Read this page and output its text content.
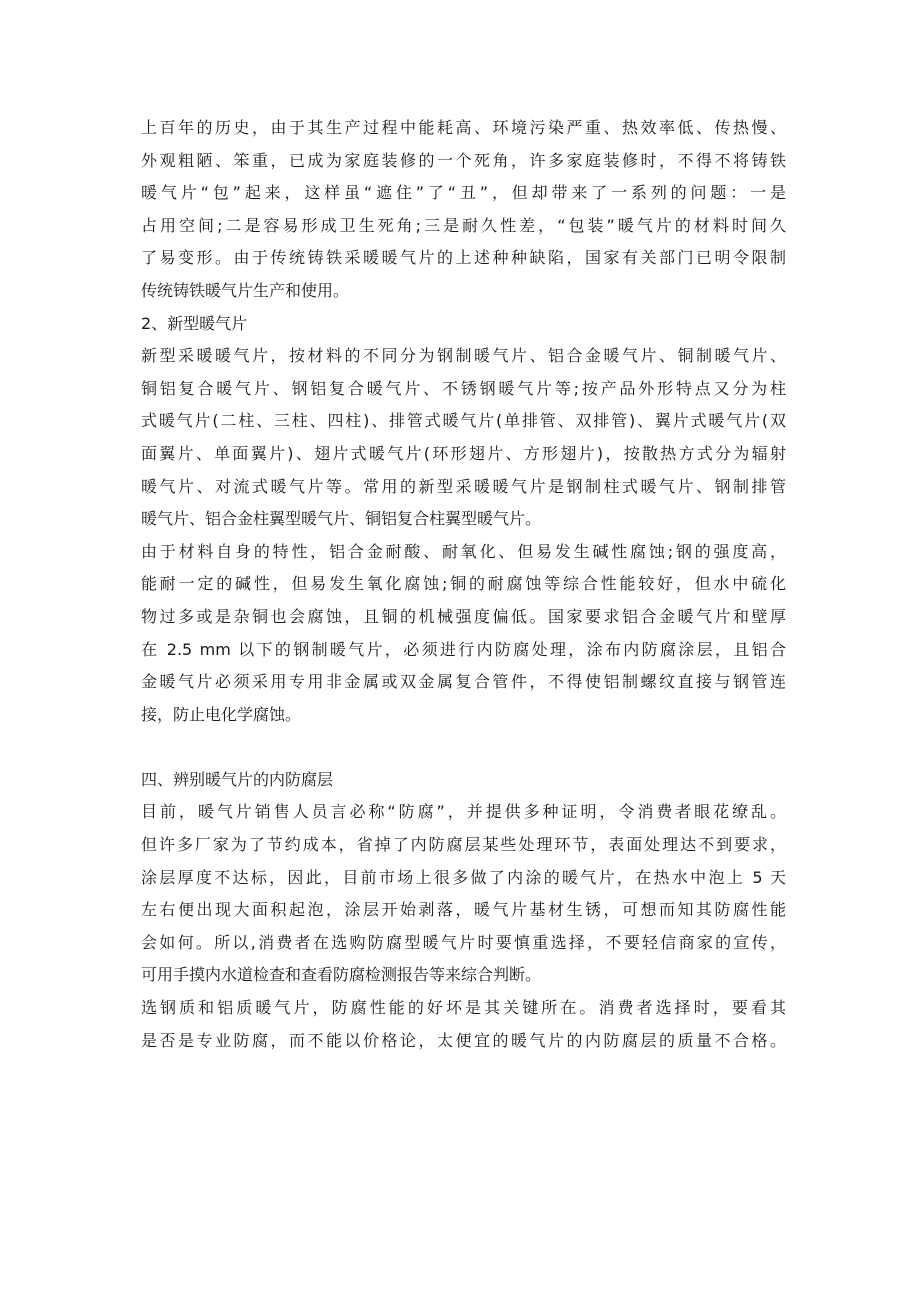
上百年的历史，由于其生产过程中能耗高、环境污染严重、热效率低、传热慢、
外观粗陋、笨重，已成为家庭装修的一个死角，许多家庭装修时，不得不将铸铁
暖气片“包”起来，这样虽“遮住”了“丑”，但却带来了一系列的问题：一是
占用空间;二是容易形成卫生死角;三是耐久性差，“包装”暖气片的材料时间久
了易变形。由于传统铸铁采暖暖气片的上述种种缺陷，国家有关部门已明令限制
传统铸铁暖气片生产和使用。
2、新型暖气片
新型采暖暖气片，按材料的不同分为钢制暖气片、铝合金暖气片、铜制暖气片、
铜铝复合暖气片、钢铝复合暖气片、不锈钢暖气片等;按产品外形特点又分为柱
式暖气片(二柱、三柱、四柱)、排管式暖气片(单排管、双排管)、翼片式暖气片(双
面翼片、单面翼片)、翅片式暖气片(环形翅片、方形翅片)，按散热方式分为辐射
暖气片、对流式暖气片等。常用的新型采暖暖气片是钢制柱式暖气片、钢制排管
暖气片、铝合金柱翼型暖气片、铜铝复合柱翼型暖气片。
由于材料自身的特性，铝合金耐酸、耐氧化、但易发生碱性腐蚀;钢的强度高，
能耐一定的碱性，但易发生氧化腐蚀;铜的耐腐蚀等综合性能较好，但水中硫化
物过多或是杂铜也会腐蚀，且铜的机械强度偏低。国家要求铝合金暖气片和壁厚
在 2.5 mm 以下的钢制暖气片，必须进行内防腐处理，涂布内防腐涂层，且铝合
金暖气片必须采用专用非金属或双金属复合管件，不得使铝制螺纹直接与钢管连
接，防止电化学腐蚀。
四、辨别暖气片的内防腐层
目前，暖气片销售人员言必称“防腐”，并提供多种证明，令消费者眼花缭乱。
但许多厂家为了节约成本，省掉了内防腐层某些处理环节，表面处理达不到要求，
涂层厚度不达标，因此，目前市场上很多做了内涂的暖气片，在热水中泡上 5 天
左右便出现大面积起泡，涂层开始剥落，暖气片基材生锈，可想而知其防腐性能
会如何。所以,消费者在选购防腐型暖气片时要慎重选择，不要轻信商家的宣传，
可用手摸内水道检查和查看防腐检测报告等来综合判断。
选钢质和铝质暖气片，防腐性能的好坏是其关键所在。消费者选择时，要看其
是否是专业防腐，而不能以价格论，太便宜的暖气片的内防腐层的质量不合格。
